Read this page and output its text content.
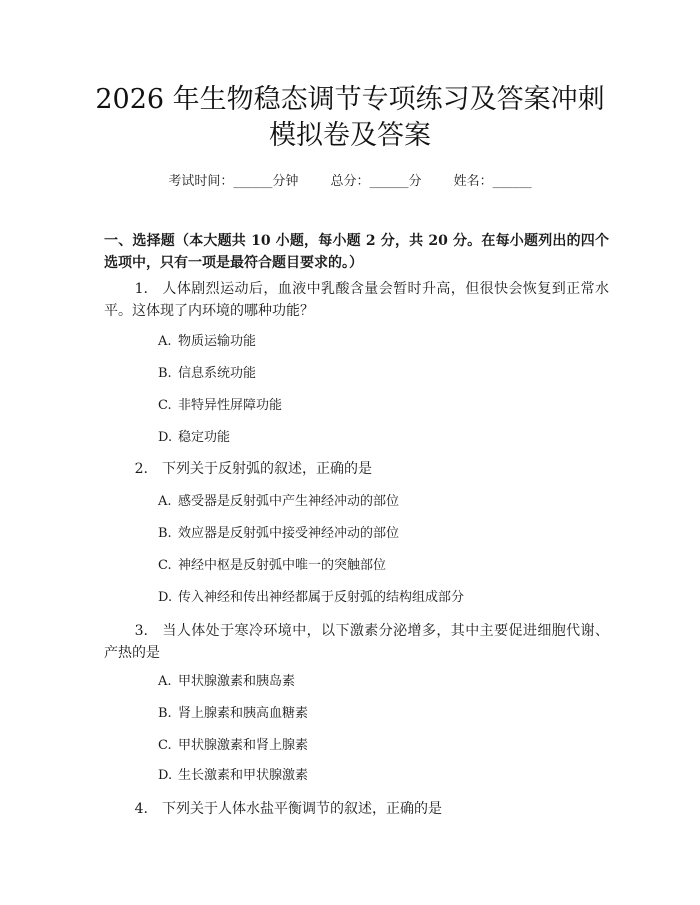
2026 年生物稳态调节专项练习及答案冲刺模拟卷及答案
考试时间：______分钟 总分：______分 姓名：______
一、选择题（本大题共 10 小题，每小题 2 分，共 20 分。在每小题列出的四个选项中，只有一项是最符合题目要求的。）
1. 人体剧烈运动后，血液中乳酸含量会暂时升高，但很快会恢复到正常水平。这体现了内环境的哪种功能？
A. 物质运输功能
B. 信息系统功能
C. 非特异性屏障功能
D. 稳定功能
2. 下列关于反射弧的叙述，正确的是
A. 感受器是反射弧中产生神经冲动的部位
B. 效应器是反射弧中接受神经冲动的部位
C. 神经中枢是反射弧中唯一的突触部位
D. 传入神经和传出神经都属于反射弧的结构组成部分
3. 当人体处于寒冷环境中，以下激素分泌增多，其中主要促进细胞代谢、产热的是
A. 甲状腺激素和胰岛素
B. 肾上腺素和胰高血糖素
C. 甲状腺激素和肾上腺素
D. 生长激素和甲状腺激素
4. 下列关于人体水盐平衡调节的叙述，正确的是
